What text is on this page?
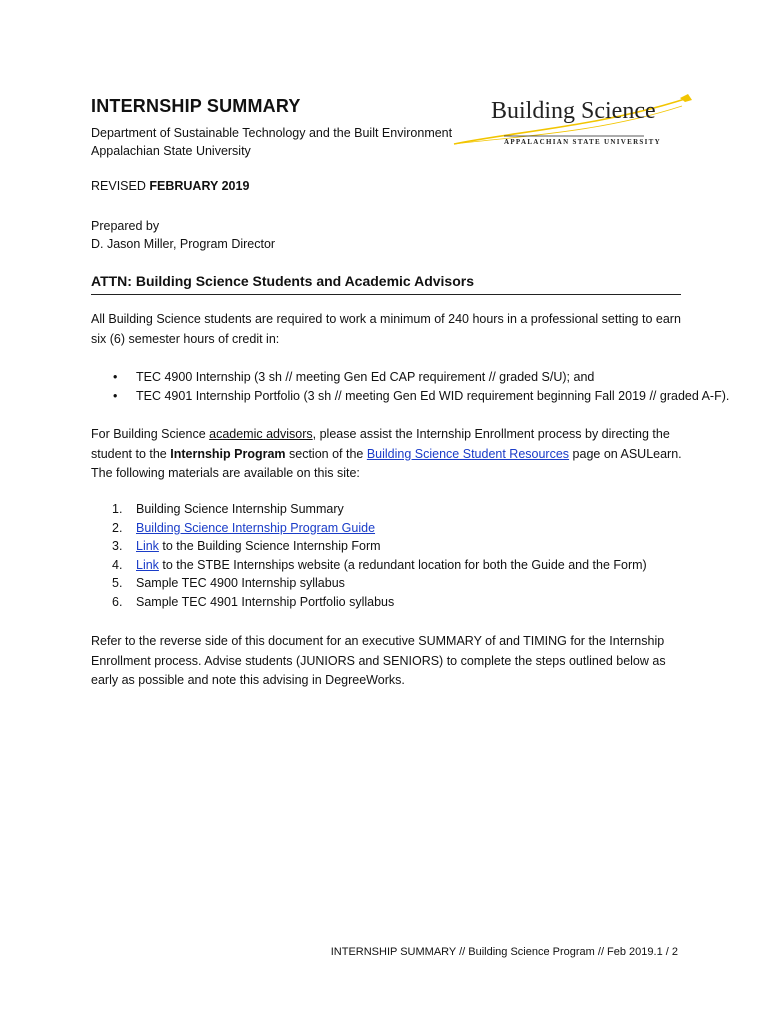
INTERNSHIP SUMMARY
Department of Sustainable Technology and the Built Environment
Appalachian State University
REVISED FEBRUARY 2019
Prepared by
D. Jason Miller, Program Director
Building Science
APPALACHIAN STATE UNIVERSITY
ATTN: Building Science Students and Academic Advisors
All Building Science students are required to work a minimum of 240 hours in a professional setting to earn six (6) semester hours of credit in:
• TEC 4900 Internship (3 sh // meeting Gen Ed CAP requirement // graded S/U); and
• TEC 4901 Internship Portfolio (3 sh // meeting Gen Ed WID requirement beginning Fall 2019 // graded A-F).
For Building Science academic advisors, please assist the Internship Enrollment process by directing the student to the Internship Program section of the Building Science Student Resources page on ASULearn. The following materials are available on this site:
1. Building Science Internship Summary
2. Building Science Internship Program Guide
3. Link to the Building Science Internship Form
4. Link to the STBE Internships website (a redundant location for both the Guide and the Form)
5. Sample TEC 4900 Internship syllabus
6. Sample TEC 4901 Internship Portfolio syllabus
Refer to the reverse side of this document for an executive SUMMARY of and TIMING for the Internship Enrollment process. Advise students (JUNIORS and SENIORS) to complete the steps outlined below as early as possible and note this advising in DegreeWorks.
INTERNSHIP SUMMARY // Building Science Program // Feb 2019.1 / 2
